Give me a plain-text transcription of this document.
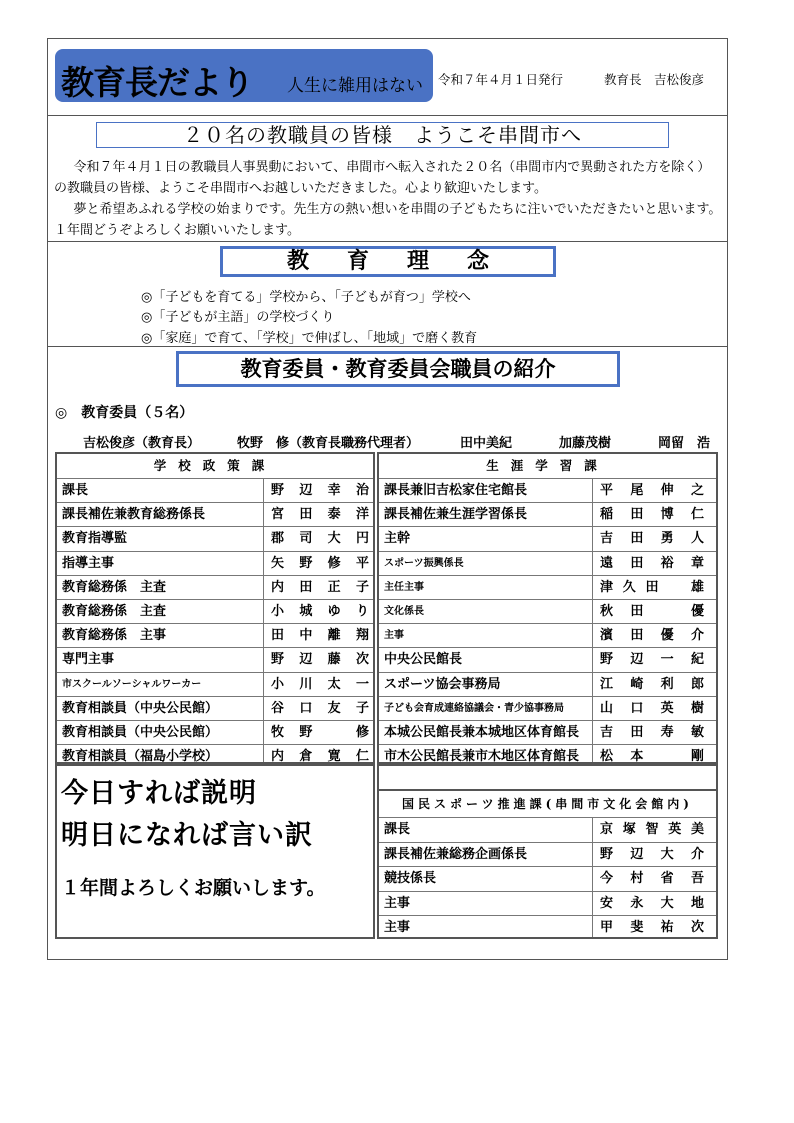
教育長だより 人生に雑用はない 令和７年４月１日発行	教育長　吉松俊彦
２０名の教職員の皆様　ようこそ串間市へ
令和７年４月１日の教職員人事異動において、串間市へ転入された２０名（串間市内で異動された方を除く）の教職員の皆様、ようこそ串間市へお越しいただきました。心より歓迎いたします。
夢と希望あふれる学校の始まりです。先生方の熱い想いを串間の子どもたちに注いでいただきたいと思います。１年間どうぞよろしくお願いいたします。
教育理念
◎「子どもを育てる」学校から、「子どもが育つ」学校へ
◎「子どもが主語」の学校づくり
◎「家庭」で育て、「学校」で伸ばし、「地域」で磨く教育
教育委員・教育委員会職員の紹介
◎　教育委員（５名）
吉松俊彦（教育長）	牧野　修（教育長職務代理者）	田中美紀	加藤茂樹	岡留　浩
学校政策課
課長	野辺幸治
課長補佐兼教育総務係長	宮田泰洋
教育指導監	郡司大円
指導主事	矢野修平
教育総務係　主査	内田正子
教育総務係　主査	小城ゆり
教育総務係　主事	田中離翔
専門主事	野辺藤次
市スクールソーシャルワーカー	小川太一
教育相談員（中央公民館）	谷口友子
教育相談員（中央公民館）	牧野　修
教育相談員（福島小学校）	内倉寛仁
生涯学習課
課長兼旧吉松家住宅館長	平尾伸之
課長補佐兼生涯学習係長	稲田博仁
主幹	吉田勇人
スポーツ振興係長	遠田裕章
主任主事	津久田　雄
文化係長	秋田　優
主事	濱田優介
中央公民館長	野辺一紀
スポーツ協会事務局	江崎利郎
子ども会育成連絡協議会・青少協事務局	山口英樹
本城公民館長兼本城地区体育館長 吉田寿敏
市木公民館長兼市木地区体育館長 松本　剛
今日すれば説明
明日になれば言い訳
１年間よろしくお願いします。
国民スポーツ推進課(串間市文化会館内)
課長	京塚智英美
課長補佐兼総務企画係長	野辺大介
競技係長	今村省吾
主事	安永大地
主事	甲斐祐次
